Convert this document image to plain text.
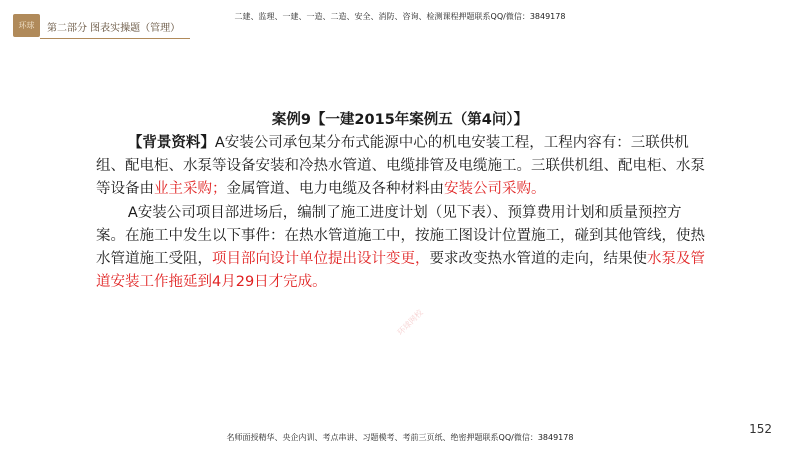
环球	第二部分 图表实操题（管理）
二建、监理、一建、一造、二造、安全、消防、咨询、检测课程押题联系QQ/微信：3849178
案例9【一建2015年案例五（第4问）】

【背景资料】A安装公司承包某分布式能源中心的机电安装工程，工程内容有：三联供机组、配电柜、水泵等设备安装和冷热水管道、电缆排管及电缆施工。三联供机组、配电柜、水泵等设备由业主采购；金属管道、电力电缆及各种材料由安装公司采购。

A安装公司项目部进场后，编制了施工进度计划（见下表）、预算费用计划和质量预控方案。在施工中发生以下事件：在热水管道施工中，按施工图设计位置施工，碰到其他管线，使热水管道施工受阻，项目部向设计单位提出设计变更，要求改变热水管道的走向，结果使水泵及管道安装工作拖延到4月29日才完成。

环球网校
152
名师面授精华、央企内训、考点串讲、习题模考、考前三页纸、绝密押题联系QQ/微信：3849178
